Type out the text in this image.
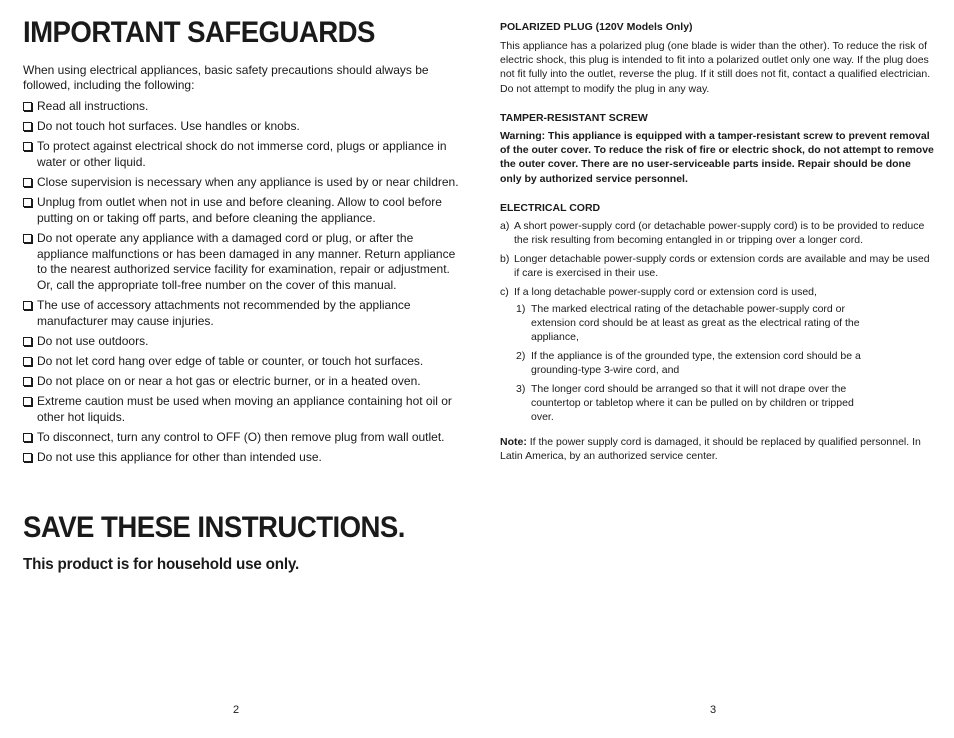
IMPORTANT SAFEGUARDS

When using electrical appliances, basic safety precautions should always be followed, including the following:

Read all instructions.
Do not touch hot surfaces. Use handles or knobs.
To protect against electrical shock do not immerse cord, plugs or appliance in water or other liquid.
Close supervision is necessary when any appliance is used by or near children.
Unplug from outlet when not in use and before cleaning. Allow to cool before putting on or taking off parts, and before cleaning the appliance.
Do not operate any appliance with a damaged cord or plug, or after the appliance malfunctions or has been damaged in any manner. Return appliance to the nearest authorized service facility for examination, repair or adjustment. Or, call the appropriate toll-free number on the cover of this manual.
The use of accessory attachments not recommended by the appliance manufacturer may cause injuries.
Do not use outdoors.
Do not let cord hang over edge of table or counter, or touch hot surfaces.
Do not place on or near a hot gas or electric burner, or in a heated oven.
Extreme caution must be used when moving an appliance containing hot oil or other hot liquids.
To disconnect, turn any control to OFF (O) then remove plug from wall outlet.
Do not use this appliance for other than intended use.
SAVE THESE INSTRUCTIONS.

This product is for household use only.

POLARIZED PLUG (120V Models Only)

This appliance has a polarized plug (one blade is wider than the other). To reduce the risk of electric shock, this plug is intended to fit into a polarized outlet only one way. If the plug does not fit fully into the outlet, reverse the plug. If it still does not fit, contact a qualified electrician. Do not attempt to modify the plug in any way.

TAMPER-RESISTANT SCREW

Warning: This appliance is equipped with a tamper-resistant screw to prevent removal of the outer cover. To reduce the risk of fire or electric shock, do not attempt to remove the outer cover. There are no user-serviceable parts inside. Repair should be done only by authorized service personnel.

ELECTRICAL CORD

a) A short power-supply cord (or detachable power-supply cord) is to be provided to reduce the risk resulting from becoming entangled in or tripping over a longer cord.
b) Longer detachable power-supply cords or extension cords are available and may be used if care is exercised in their use.
c) If a long detachable power-supply cord or extension cord is used,
1) The marked electrical rating of the detachable power-supply cord or extension cord should be at least as great as the electrical rating of the appliance,
2) If the appliance is of the grounded type, the extension cord should be a grounding-type 3-wire cord, and
3) The longer cord should be arranged so that it will not drape over the countertop or tabletop where it can be pulled on by children or tripped over.

Note: If the power supply cord is damaged, it should be replaced by qualified personnel. In Latin America, by an authorized service center.

2	3
